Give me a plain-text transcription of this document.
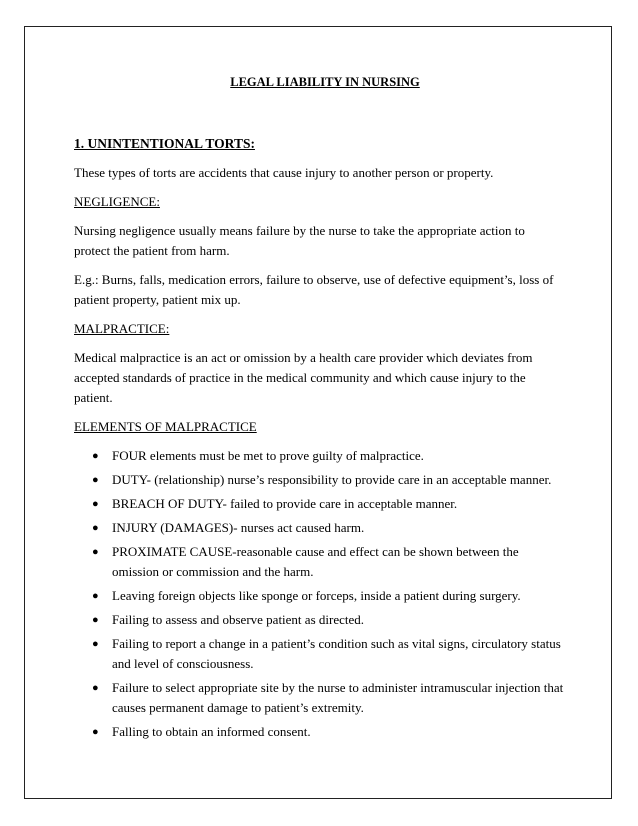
LEGAL LIABILITY IN NURSING

1. UNINTENTIONAL TORTS:

These types of torts are accidents that cause injury to another person or property.

NEGLIGENCE:

Nursing negligence usually means failure by the nurse to take the appropriate action to protect the patient from harm.

E.g.: Burns, falls, medication errors, failure to observe, use of defective equipment’s, loss of patient property, patient mix up.

MALPRACTICE:

Medical malpractice is an act or omission by a health care provider which deviates from accepted standards of practice in the medical community and which cause injury to the patient.

ELEMENTS OF MALPRACTICE

● FOUR elements must be met to prove guilty of malpractice.
● DUTY- (relationship) nurse’s responsibility to provide care in an acceptable manner.
● BREACH OF DUTY- failed to provide care in acceptable manner.
● INJURY (DAMAGES)- nurses act caused harm.
● PROXIMATE CAUSE-reasonable cause and effect can be shown between the omission or commission and the harm.
● Leaving foreign objects like sponge or forceps, inside a patient during surgery.
● Failing to assess and observe patient as directed.
● Failing to report a change in a patient’s condition such as vital signs, circulatory status and level of consciousness.
● Failure to select appropriate site by the nurse to administer intramuscular injection that causes permanent damage to patient’s extremity.
● Falling to obtain an informed consent.
